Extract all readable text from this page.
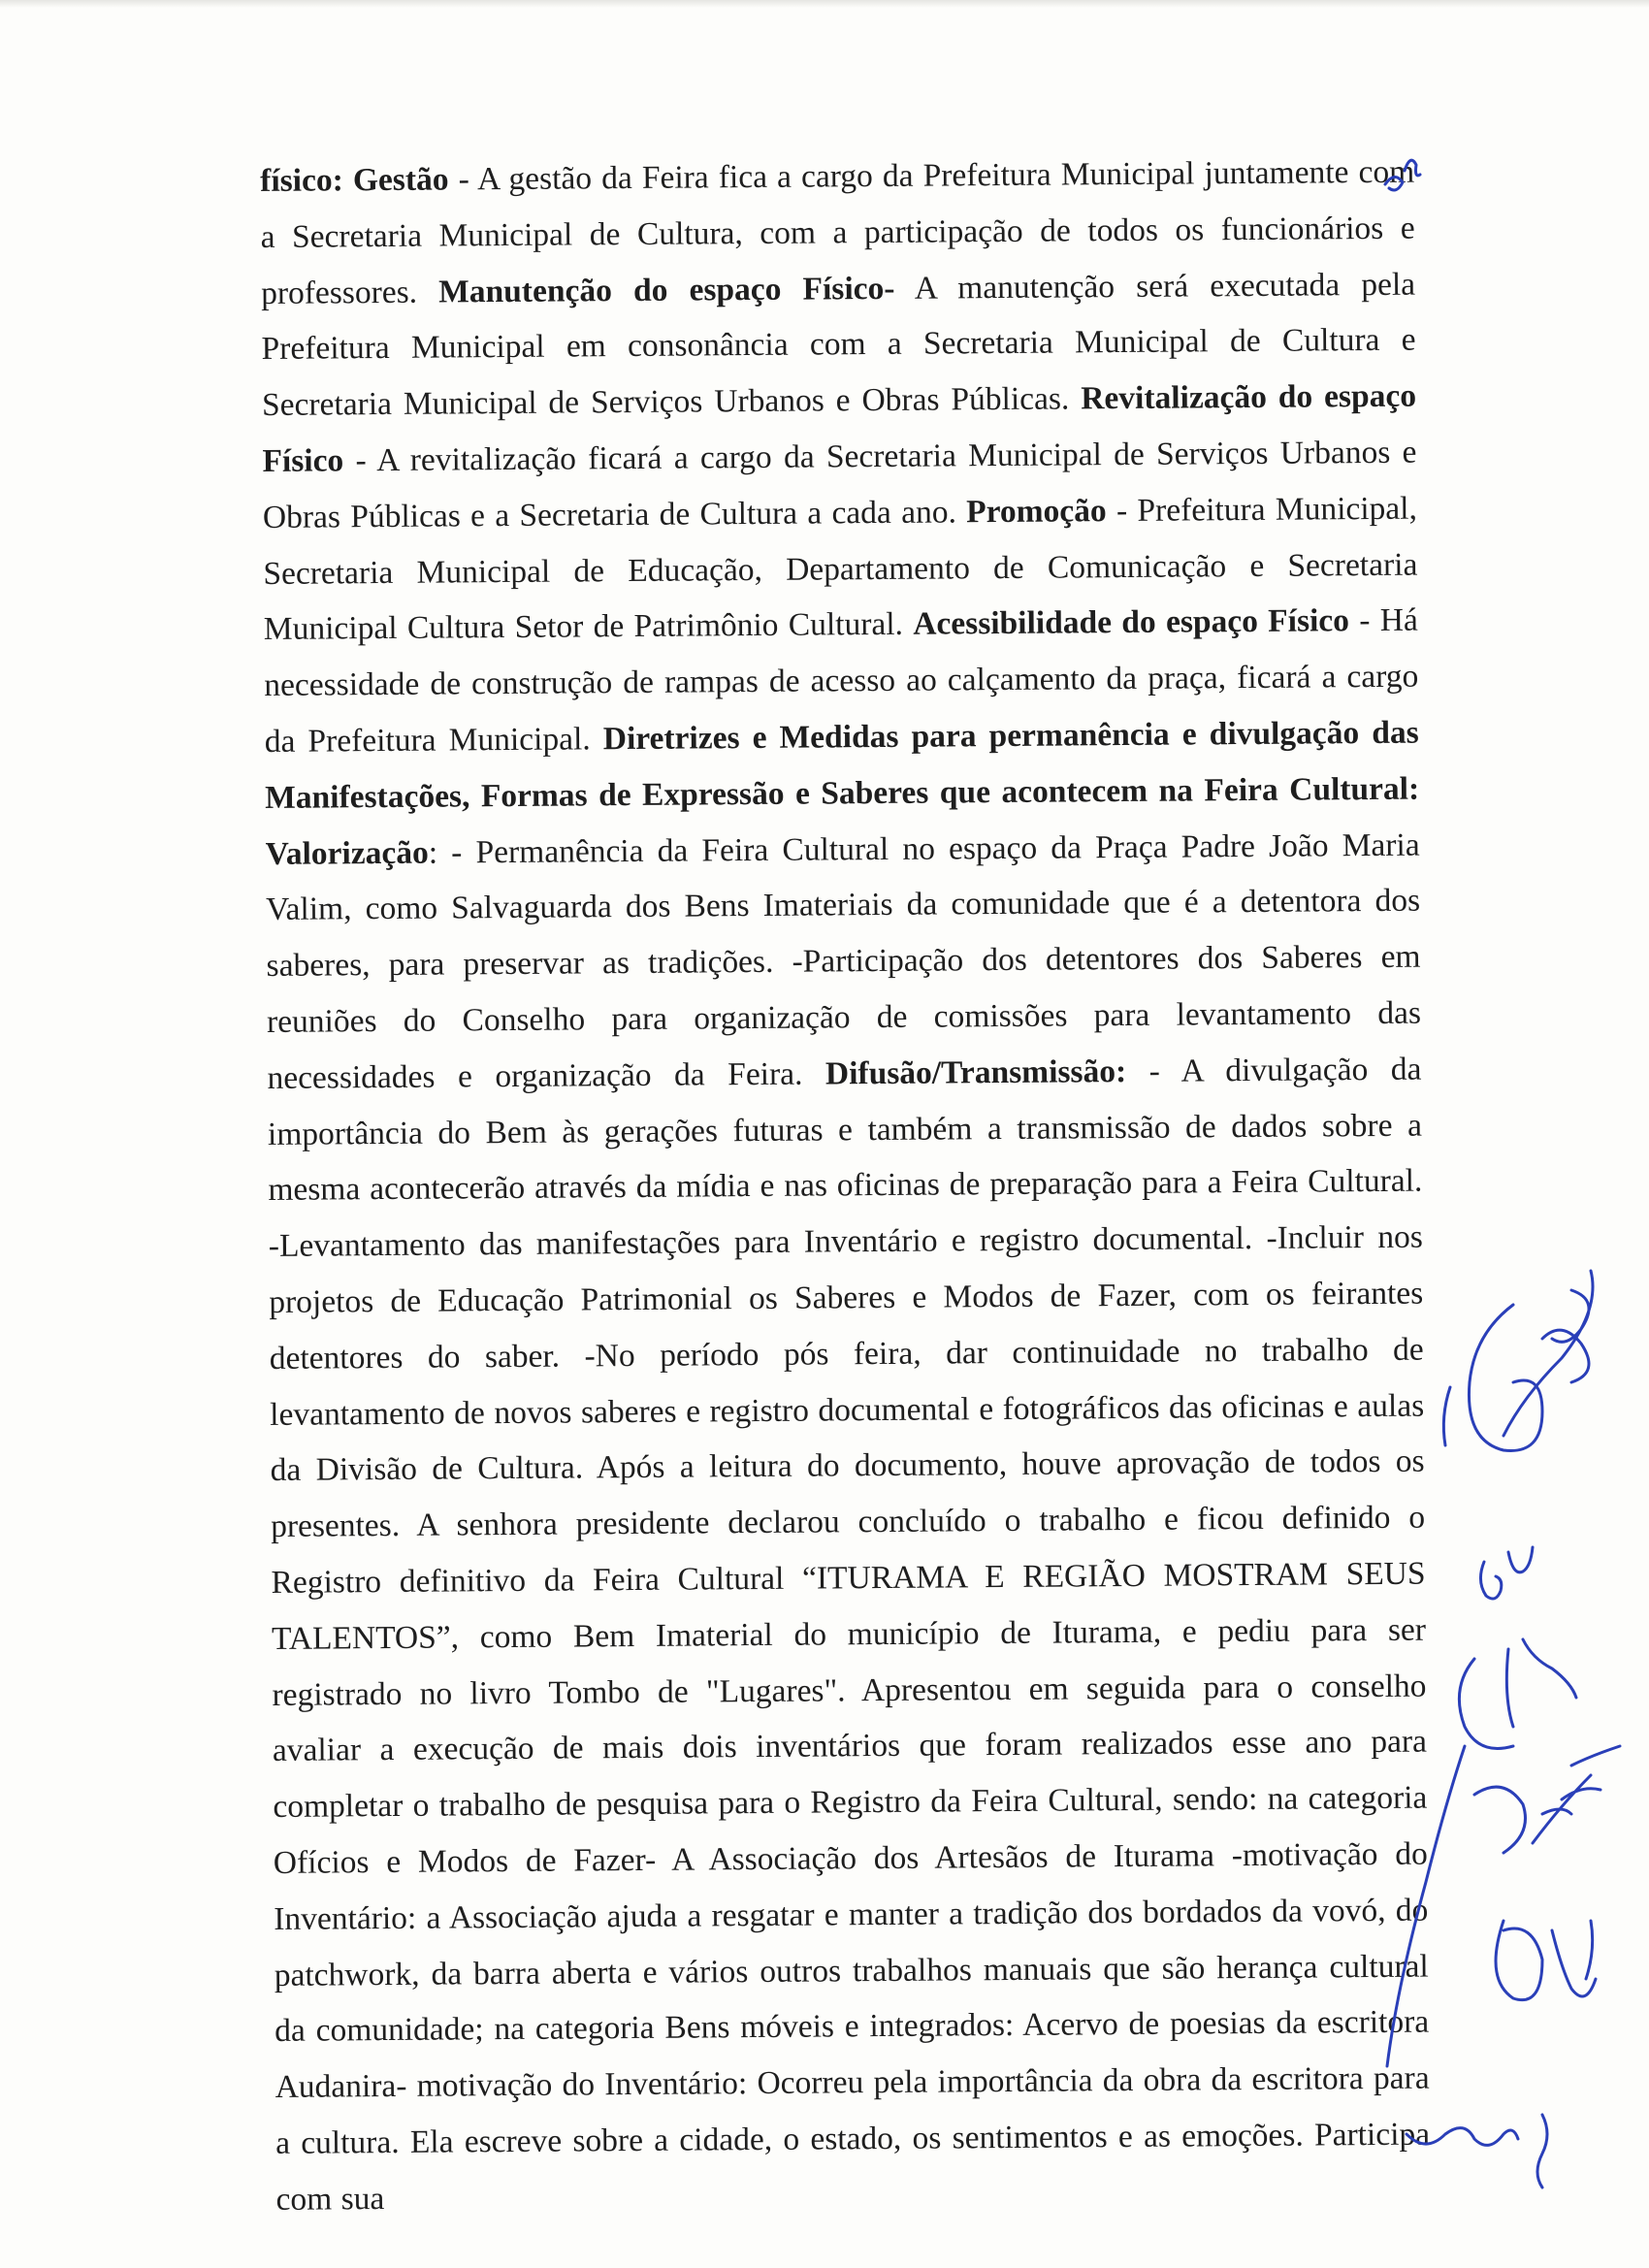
físico: Gestão - A gestão da Feira fica a cargo da Prefeitura Municipal juntamente com a Secretaria Municipal de Cultura, com a participação de todos os funcionários e professores. Manutenção do espaço Físico- A manutenção será executada pela Prefeitura Municipal em consonância com a Secretaria Municipal de Cultura e Secretaria Municipal de Serviços Urbanos e Obras Públicas. Revitalização do espaço Físico - A revitalização ficará a cargo da Secretaria Municipal de Serviços Urbanos e Obras Públicas e a Secretaria de Cultura a cada ano. Promoção - Prefeitura Municipal, Secretaria Municipal de Educação, Departamento de Comunicação e Secretaria Municipal Cultura Setor de Patrimônio Cultural. Acessibilidade do espaço Físico - Há necessidade de construção de rampas de acesso ao calçamento da praça, ficará a cargo da Prefeitura Municipal. Diretrizes e Medidas para permanência e divulgação das Manifestações, Formas de Expressão e Saberes que acontecem na Feira Cultural: Valorização: - Permanência da Feira Cultural no espaço da Praça Padre João Maria Valim, como Salvaguarda dos Bens Imateriais da comunidade que é a detentora dos saberes, para preservar as tradições. -Participação dos detentores dos Saberes em reuniões do Conselho para organização de comissões para levantamento das necessidades e organização da Feira. Difusão/Transmissão: - A divulgação da importância do Bem às gerações futuras e também a transmissão de dados sobre a mesma acontecerão através da mídia e nas oficinas de preparação para a Feira Cultural. -Levantamento das manifestações para Inventário e registro documental. -Incluir nos projetos de Educação Patrimonial os Saberes e Modos de Fazer, com os feirantes detentores do saber. -No período pós feira, dar continuidade no trabalho de levantamento de novos saberes e registro documental e fotográficos das oficinas e aulas da Divisão de Cultura. Após a leitura do documento, houve aprovação de todos os presentes. A senhora presidente declarou concluído o trabalho e ficou definido o Registro definitivo da Feira Cultural “ITURAMA E REGIÃO MOSTRAM SEUS TALENTOS”, como Bem Imaterial do município de Iturama, e pediu para ser registrado no livro Tombo de "Lugares". Apresentou em seguida para o conselho avaliar a execução de mais dois inventários que foram realizados esse ano para completar o trabalho de pesquisa para o Registro da Feira Cultural, sendo: na categoria Ofícios e Modos de Fazer- A Associação dos Artesãos de Iturama -motivação do Inventário: a Associação ajuda a resgatar e manter a tradição dos bordados da vovó, do patchwork, da barra aberta e vários outros trabalhos manuais que são herança cultural da comunidade; na categoria Bens móveis e integrados: Acervo de poesias da escritora Audanira- motivação do Inventário: Ocorreu pela importância da obra da escritora para a cultura. Ela escreve sobre a cidade, o estado, os sentimentos e as emoções. Participa com sua
